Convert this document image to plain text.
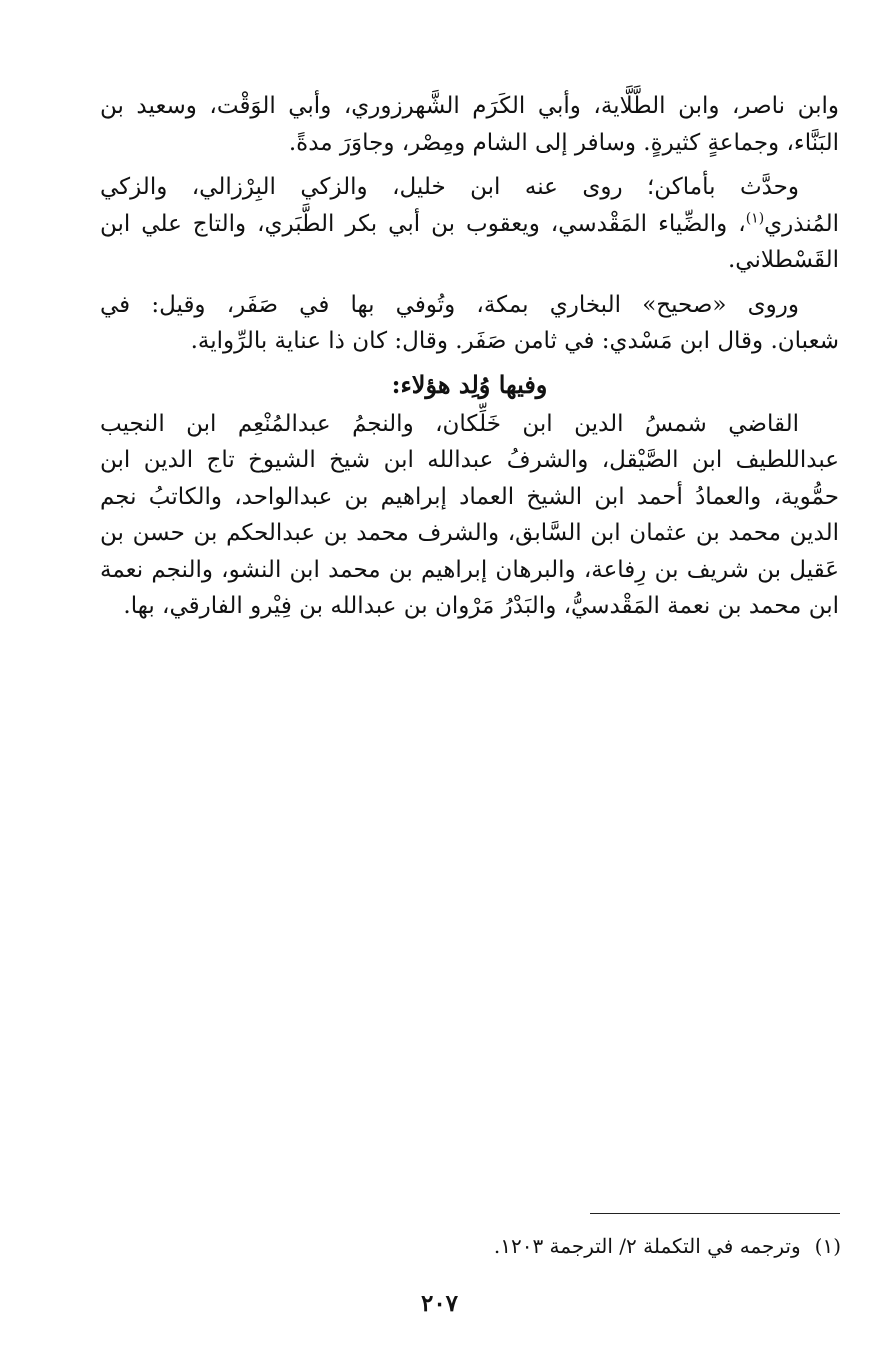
وابن ناصر، وابن الطَّلَّاية، وأبي الكَرَم الشَّهرزوري، وأبي الوَقْت، وسعيد بن
البَنَّاء، وجماعةٍ كثيرةٍ. وسافر إلى الشام ومِصْر، وجاوَرَ مدةً.

وحدَّث بأماكن؛ روى عنه ابن خليل، والزكي البِرْزالي، والزكي
المُنذري$^{(١)}$، والضِّياء المَقْدسي، ويعقوب بن أبي بكر الطَّبَري، والتاج علي ابن
القَسْطلاني.

وروى «صحيح» البخاري بمكة، وتُوفي بها في صَفَر، وقيل: في
شعبان. وقال ابن مَسْدي: في ثامن صَفَر. وقال: كان ذا عناية بالرِّواية.

وفيها وُلِد هؤلاء:

القاضي شمسُ الدين ابن خَلِّكان، والنجمُ عبدالمُنْعِم ابن النجيب
عبداللطيف ابن الصَّيْقل، والشرفُ عبدالله ابن شيخ الشيوخ تاج الدين ابن
حمُّوية، والعمادُ أحمد ابن الشيخ العماد إبراهيم بن عبدالواحد، والكاتبُ نجم
الدين محمد بن عثمان ابن السَّابق، والشرف محمد بن عبدالحكم بن حسن بن
عَقيل بن شريف بن رِفاعة، والبرهان إبراهيم بن محمد ابن النشو، والنجم نعمة
ابن محمد بن نعمة المَقْدسيُّ، والبَدْرُ مَرْوان بن عبدالله بن فِيْرو الفارقي، بها.

(١)وترجمه في التكملة ٢/ الترجمة ١٢٠٣.
٢٠٧
